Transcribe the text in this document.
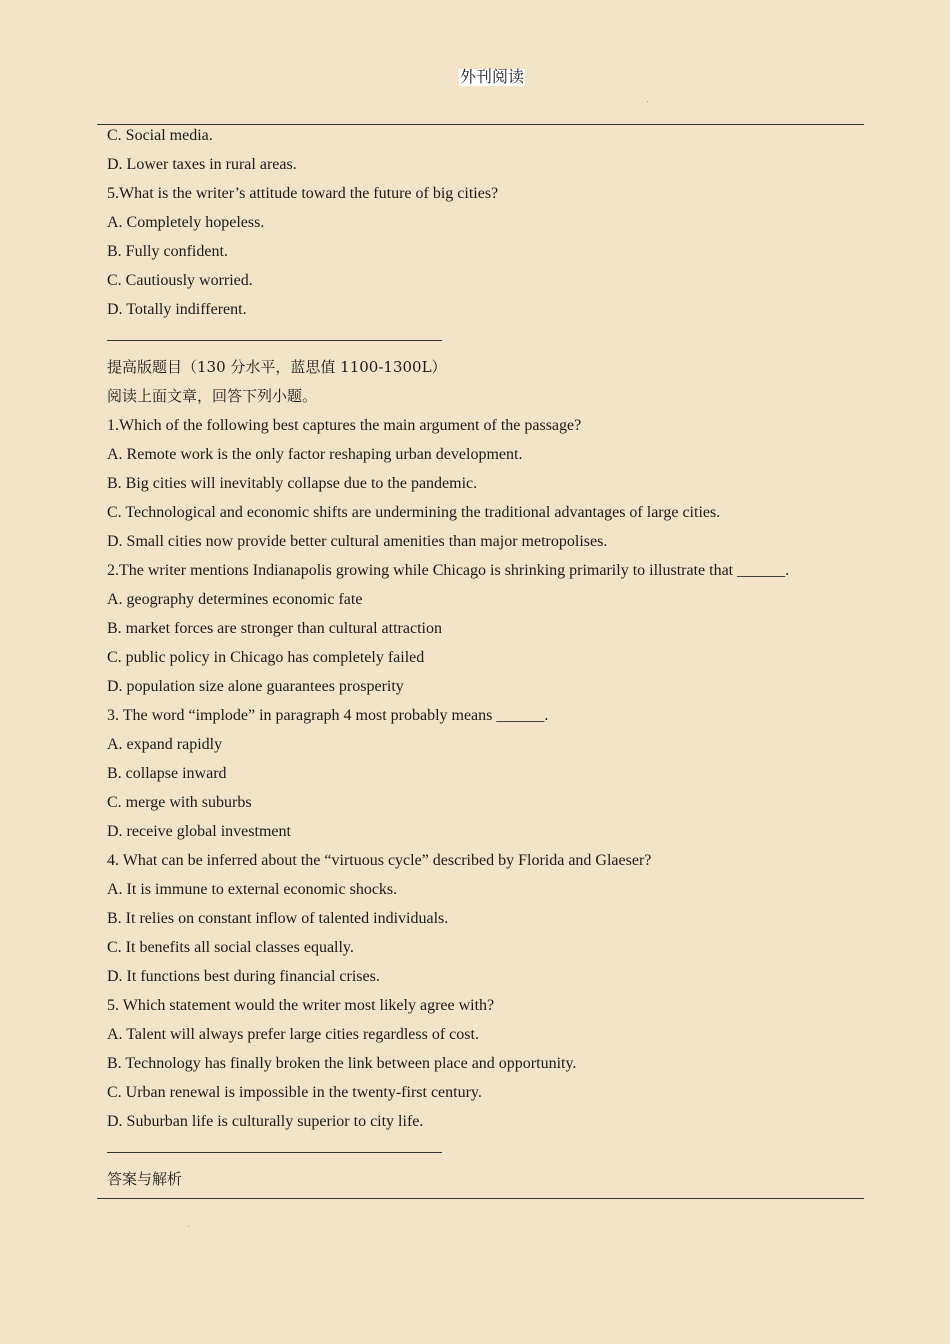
外刊阅读
C. Social media.
D. Lower taxes in rural areas.
5.What is the writer’s attitude toward the future of big cities?
A. Completely hopeless.
B. Fully confident.
C. Cautiously worried.
D. Totally indifferent.
提高版题目（130 分水平，蓝思值 1100-1300L）
阅读上面文章，回答下列小题。
1.Which of the following best captures the main argument of the passage?
A. Remote work is the only factor reshaping urban development.
B. Big cities will inevitably collapse due to the pandemic.
C. Technological and economic shifts are undermining the traditional advantages of large cities.
D. Small cities now provide better cultural amenities than major metropolises.
2.The writer mentions Indianapolis growing while Chicago is shrinking primarily to illustrate that ______.
A. geography determines economic fate
B. market forces are stronger than cultural attraction
C. public policy in Chicago has completely failed
D. population size alone guarantees prosperity
3. The word “implode” in paragraph 4 most probably means ______.
A. expand rapidly
B. collapse inward
C. merge with suburbs
D. receive global investment
4. What can be inferred about the “virtuous cycle” described by Florida and Glaeser?
A. It is immune to external economic shocks.
B. It relies on constant inflow of talented individuals.
C. It benefits all social classes equally.
D. It functions best during financial crises.
5. Which statement would the writer most likely agree with?
A. Talent will always prefer large cities regardless of cost.
B. Technology has finally broken the link between place and opportunity.
C. Urban renewal is impossible in the twenty-first century.
D. Suburban life is culturally superior to city life.
答案与解析
